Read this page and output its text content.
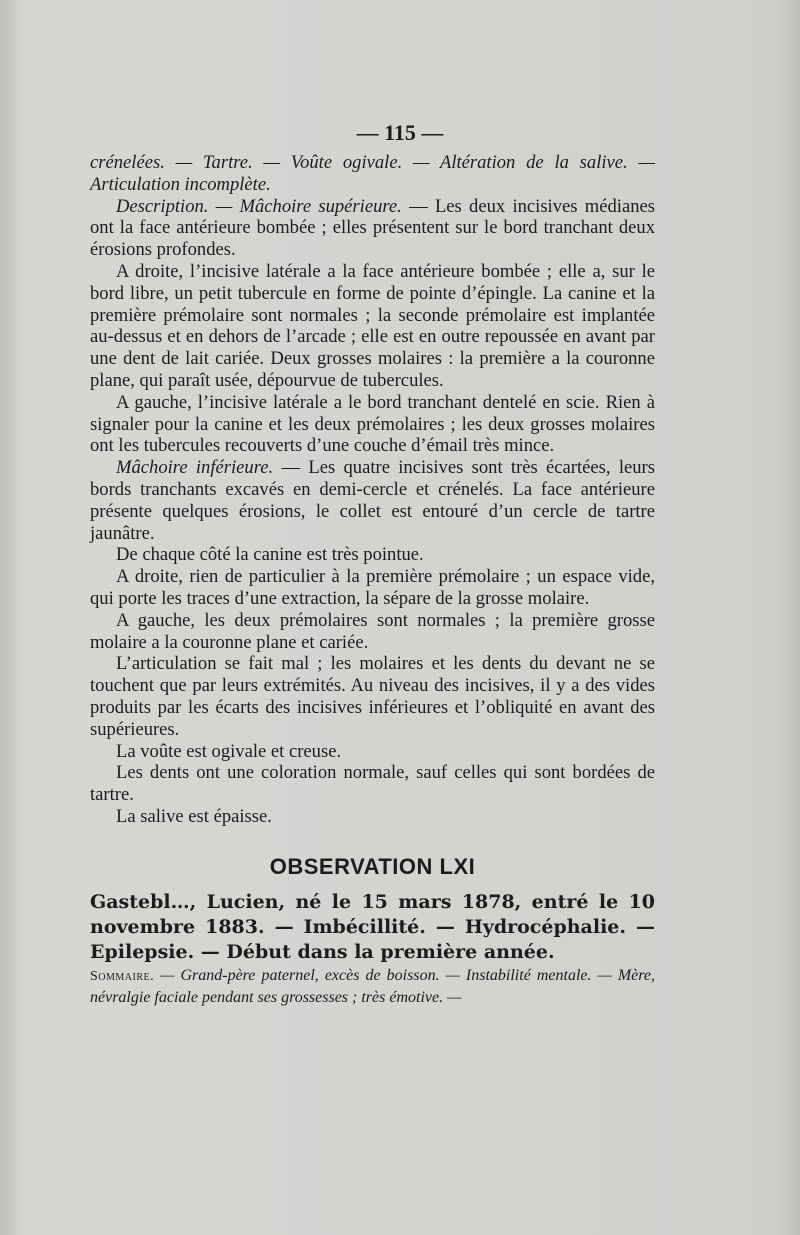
— 115 —

crénelées. — Tartre. — Voûte ogivale. — Altération de la salive. — Articulation incomplète.

Description. — Mâchoire supérieure. — Les deux incisives médianes ont la face antérieure bombée ; elles présentent sur le bord tranchant deux érosions profondes.

A droite, l’incisive latérale a la face antérieure bombée ; elle a, sur le bord libre, un petit tubercule en forme de pointe d’épingle. La canine et la première prémolaire sont normales ; la seconde prémolaire est implantée au-dessus et en dehors de l’arcade ; elle est en outre repoussée en avant par une dent de lait cariée. Deux grosses molaires : la première a la couronne plane, qui paraît usée, dépourvue de tubercules.

A gauche, l’incisive latérale a le bord tranchant dentelé en scie. Rien à signaler pour la canine et les deux prémolaires ; les deux grosses molaires ont les tubercules recouverts d’une couche d’émail très mince.

Mâchoire inférieure. — Les quatre incisives sont très écartées, leurs bords tranchants excavés en demi-cercle et crénelés. La face antérieure présente quelques érosions, le collet est entouré d’un cercle de tartre jaunâtre.

De chaque côté la canine est très pointue.

A droite, rien de particulier à la première prémolaire ; un espace vide, qui porte les traces d’une extraction, la sépare de la grosse molaire.

A gauche, les deux prémolaires sont normales ; la première grosse molaire a la couronne plane et cariée.

L’articulation se fait mal ; les molaires et les dents du devant ne se touchent que par leurs extrémités. Au niveau des incisives, il y a des vides produits par les écarts des incisives inférieures et l’obliquité en avant des supérieures.

La voûte est ogivale et creuse.

Les dents ont une coloration normale, sauf celles qui sont bordées de tartre.

La salive est épaisse.

OBSERVATION LXI

Gastebl…, Lucien, né le 15 mars 1878, entré le 10 novembre 1883. — Imbécillité. — Hydrocéphalie. — Epilepsie. — Début dans la première année.

Sommaire. — Grand-père paternel, excès de boisson. — Instabilité mentale. — Mère, névralgie faciale pendant ses grossesses ; très émotive. —
